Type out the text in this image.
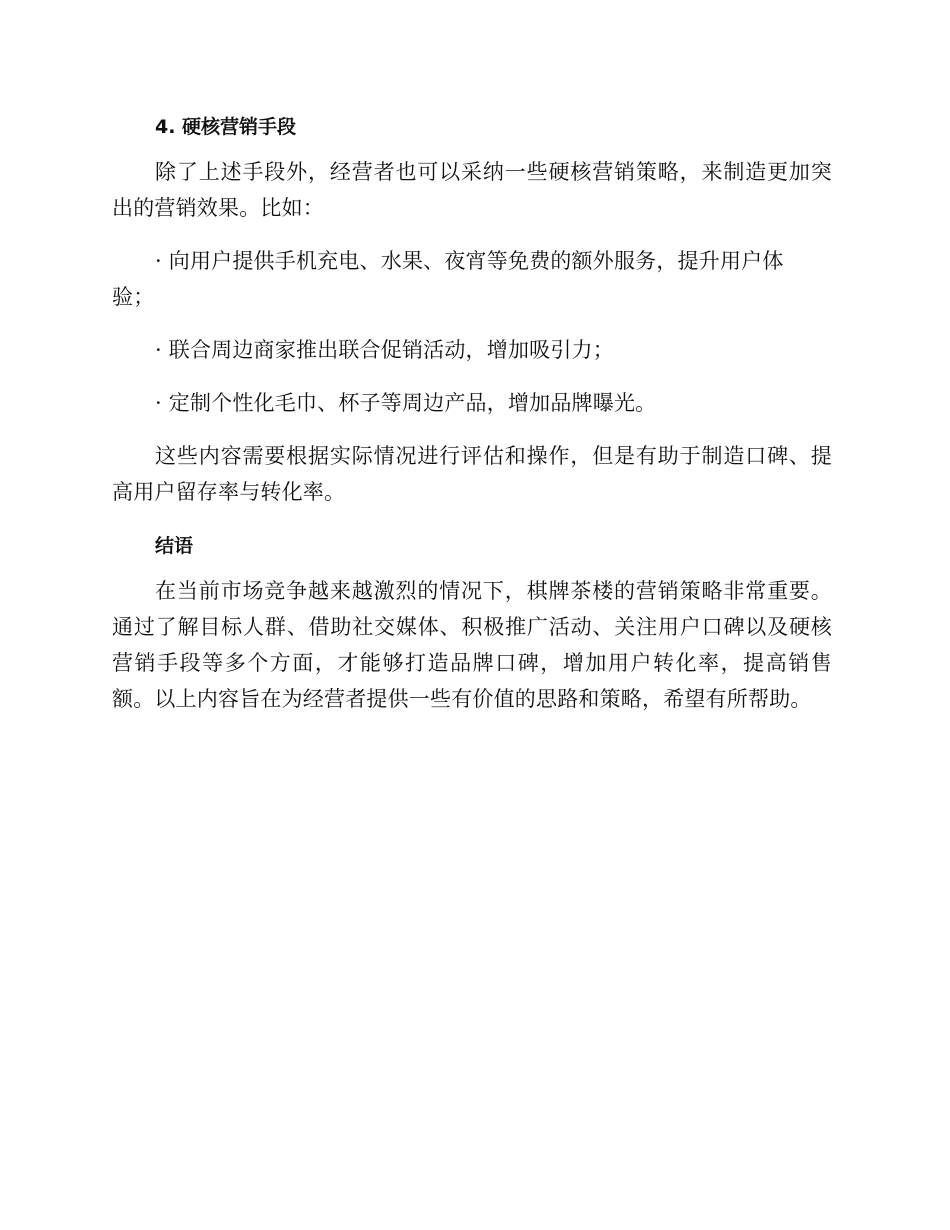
4. 硬核营销手段

除了上述手段外，经营者也可以采纳一些硬核营销策略，来制造更加突出的营销效果。比如：

· 向用户提供手机充电、水果、夜宵等免费的额外服务，提升用户体验；

· 联合周边商家推出联合促销活动，增加吸引力；

· 定制个性化毛巾、杯子等周边产品，增加品牌曝光。

这些内容需要根据实际情况进行评估和操作，但是有助于制造口碑、提高用户留存率与转化率。

结语

在当前市场竞争越来越激烈的情况下，棋牌茶楼的营销策略非常重要。通过了解目标人群、借助社交媒体、积极推广活动、关注用户口碑以及硬核营销手段等多个方面，才能够打造品牌口碑，增加用户转化率，提高销售额。以上内容旨在为经营者提供一些有价值的思路和策略，希望有所帮助。
